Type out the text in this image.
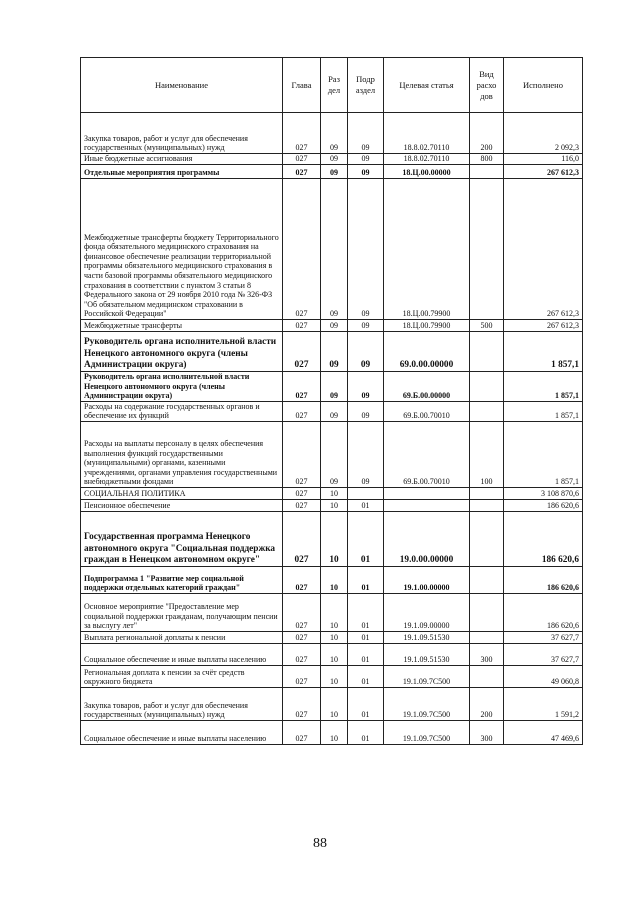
Наименование	Глава	Раз дел	Подр аздел	Целевая статья	Вид расхо дов	Исполнено
Закупка товаров, работ и услуг для обеспечения государственных (муниципальных) нужд	027	09	09	18.8.02.70110	200	2 092,3
Иные бюджетные ассигнования	027	09	09	18.8.02.70110	800	116,0
Отдельные мероприятия программы	027	09	09	18.Ц.00.00000		267 612,3
Межбюджетные трансферты бюджету Территориального фонда обязательного медицинского страхования на финансовое обеспечение реализации территориальной программы обязательного медицинского страхования в части базовой программы обязательного медицинского страхования в соответствии с пунктом 3 статьи 8 Федерального закона от 29 ноября 2010 года № 326-ФЗ "Об обязательном медицинском страховании в Российской Федерации"	027	09	09	18.Ц.00.79900		267 612,3
Межбюджетные трансферты	027	09	09	18.Ц.00.79900	500	267 612,3
Руководитель органа исполнительной власти Ненецкого автономного округа (члены Администрации округа)	027	09	09	69.0.00.00000		1 857,1
Руководитель органа исполнительной власти Ненецкого автономного округа (члены Администрации округа)	027	09	09	69.Б.00.00000		1 857,1
Расходы на содержание государственных органов и обеспечение их функций	027	09	09	69.Б.00.70010		1 857,1
Расходы на выплаты персоналу в целях обеспечения выполнения функций государственными (муниципальными) органами, казенными учреждениями, органами управления государственными внебюджетными фондами	027	09	09	69.Б.00.70010	100	1 857,1
СОЦИАЛЬНАЯ ПОЛИТИКА	027	10				3 108 870,6
Пенсионное обеспечение	027	10	01			186 620,6
Государственная программа Ненецкого автономного округа "Социальная поддержка граждан в Ненецком автономном округе"	027	10	01	19.0.00.00000		186 620,6
Подпрограмма 1 "Развитие мер социальной поддержки отдельных категорий граждан"	027	10	01	19.1.00.00000		186 620,6
Основное мероприятие "Предоставление мер социальной поддержки гражданам, получающим пенсии за выслугу лет"	027	10	01	19.1.09.00000		186 620,6
Выплата региональной доплаты к пенсии	027	10	01	19.1.09.51530		37 627,7
Социальное обеспечение и иные выплаты населению	027	10	01	19.1.09.51530	300	37 627,7
Региональная доплата к пенсии за счёт средств окружного бюджета	027	10	01	19.1.09.7С500		49 060,8
Закупка товаров, работ и услуг для обеспечения государственных (муниципальных) нужд	027	10	01	19.1.09.7С500	200	1 591,2
Социальное обеспечение и иные выплаты населению	027	10	01	19.1.09.7С500	300	47 469,6
88
